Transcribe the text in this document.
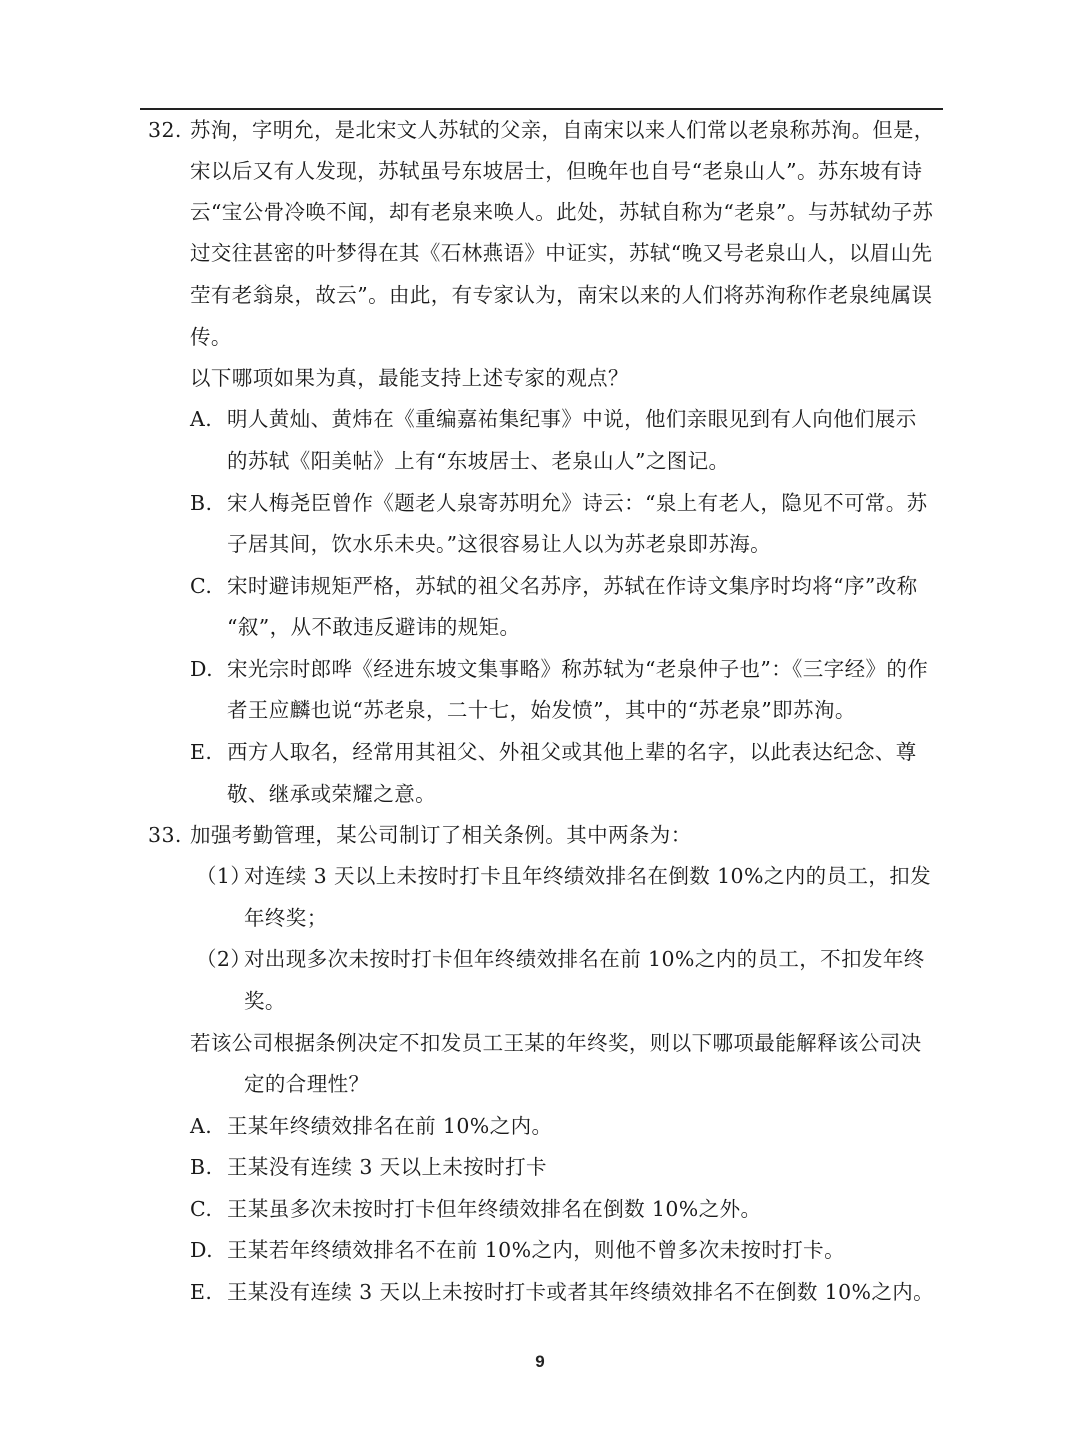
32. 苏洵，字明允，是北宋文人苏轼的父亲，自南宋以来人们常以老泉称苏洵。但是，
宋以后又有人发现，苏轼虽号东坡居士，但晚年也自号“老泉山人”。苏东坡有诗
云“宝公骨冷唤不闻，却有老泉来唤人。此处，苏轼自称为“老泉”。与苏轼幼子苏
过交往甚密的叶梦得在其《石林燕语》中证实，苏轼“晚又号老泉山人，以眉山先
茔有老翁泉，故云”。由此，有专家认为，南宋以来的人们将苏洵称作老泉纯属误
传。
以下哪项如果为真，最能支持上述专家的观点？
A. 明人黄灿、黄炜在《重编嘉祐集纪事》中说，他们亲眼见到有人向他们展示
的苏轼《阳美帖》上有“东坡居士、老泉山人”之图记。
B. 宋人梅尧臣曾作《题老人泉寄苏明允》诗云：“泉上有老人，隐见不可常。苏
子居其间，饮水乐未央。”这很容易让人以为苏老泉即苏海。
C. 宋时避讳规矩严格，苏轼的祖父名苏序，苏轼在作诗文集序时均将“序”改称
“叙”，从不敢违反避讳的规矩。
D. 宋光宗时郎哗《经进东坡文集事略》称苏轼为“老泉仲子也”：《三字经》的作
者王应麟也说“苏老泉，二十七，始发愤”，其中的“苏老泉”即苏洵。
E. 西方人取名，经常用其祖父、外祖父或其他上辈的名字，以此表达纪念、尊
敬、继承或荣耀之意。
33. 加强考勤管理，某公司制订了相关条例。其中两条为：
（1）
对连续 3 天以上未按时打卡且年终绩效排名在倒数 10%之内的员工，扣发
年终奖；
（2）
对出现多次未按时打卡但年终绩效排名在前 10%之内的员工，不扣发年终
奖。
若该公司根据条例决定不扣发员工王某的年终奖，则以下哪项最能解释该公司决
定的合理性？
A. 王某年终绩效排名在前 10%之内。
B. 王某没有连续 3 天以上未按时打卡
C. 王某虽多次未按时打卡但年终绩效排名在倒数 10%之外。
D. 王某若年终绩效排名不在前 10%之内，则他不曾多次未按时打卡。
E. 王某没有连续 3 天以上未按时打卡或者其年终绩效排名不在倒数 10%之内。
9
